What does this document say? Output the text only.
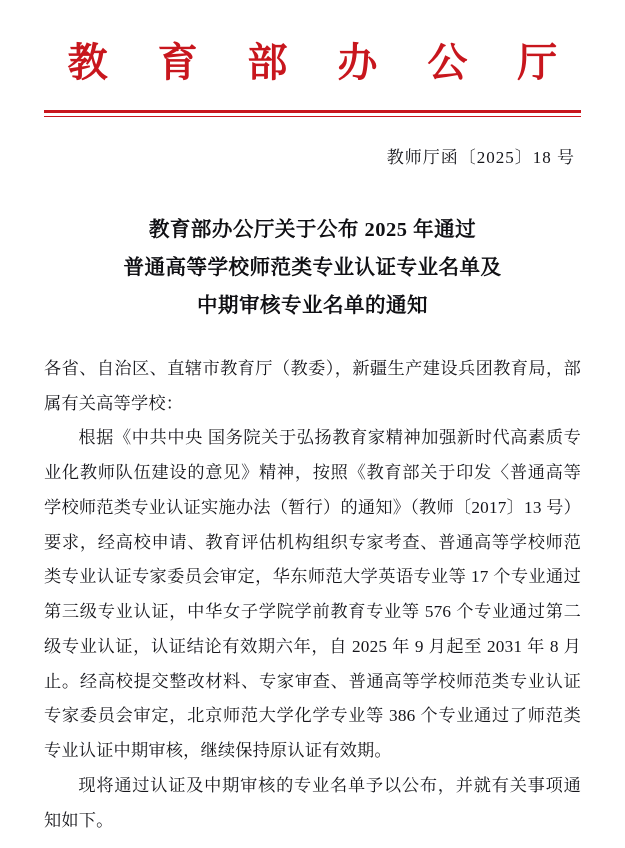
教 育 部 办 公 厅
教师厅函〔2025〕18 号
教育部办公厅关于公布 2025 年通过
普通高等学校师范类专业认证专业名单及
中期审核专业名单的通知

各省、自治区、直辖市教育厅（教委），新疆生产建设兵团教育局，部属有关高等学校：

根据《中共中央 国务院关于弘扬教育家精神加强新时代高素质专业化教师队伍建设的意见》精神，按照《教育部关于印发〈普通高等学校师范类专业认证实施办法（暂行）的通知》（教师〔2017〕13 号）要求，经高校申请、教育评估机构组织专家考查、普通高等学校师范类专业认证专家委员会审定，华东师范大学英语专业等 17 个专业通过第三级专业认证，中华女子学院学前教育专业等 576 个专业通过第二级专业认证，认证结论有效期六年，自 2025 年 9 月起至 2031 年 8 月止。经高校提交整改材料、专家审查、普通高等学校师范类专业认证专家委员会审定，北京师范大学化学专业等 386 个专业通过了师范类专业认证中期审核，继续保持原认证有效期。

现将通过认证及中期审核的专业名单予以公布，并就有关事项通知如下。
